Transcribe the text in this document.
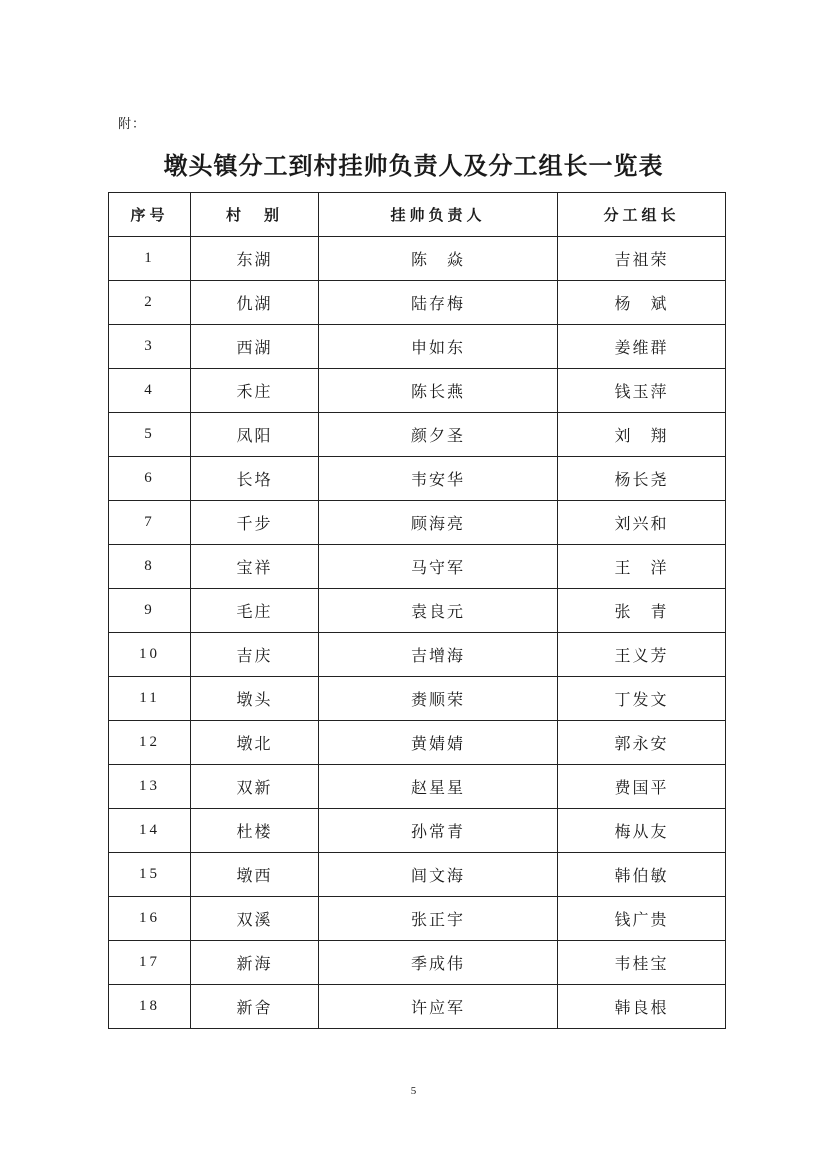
附：
墩头镇分工到村挂帅负责人及分工组长一览表
序号	村　别	挂帅负责人	分工组长
1	东湖	陈　焱	吉祖荣
2	仇湖	陆存梅	杨　斌
3	西湖	申如东	姜维群
4	禾庄	陈长燕	钱玉萍
5	凤阳	颜夕圣	刘　翔
6	长垎	韦安华	杨长尧
7	千步	顾海亮	刘兴和
8	宝祥	马守军	王　洋
9	毛庄	袁良元	张　青
10	吉庆	吉增海	王义芳
11	墩头	赉顺荣	丁发文
12	墩北	黄婧婧	郭永安
13	双新	赵星星	费国平
14	杜楼	孙常青	梅从友
15	墩西	闾文海	韩伯敏
16	双溪	张正宇	钱广贵
17	新海	季成伟	韦桂宝
18	新舍	许应军	韩良根
5
